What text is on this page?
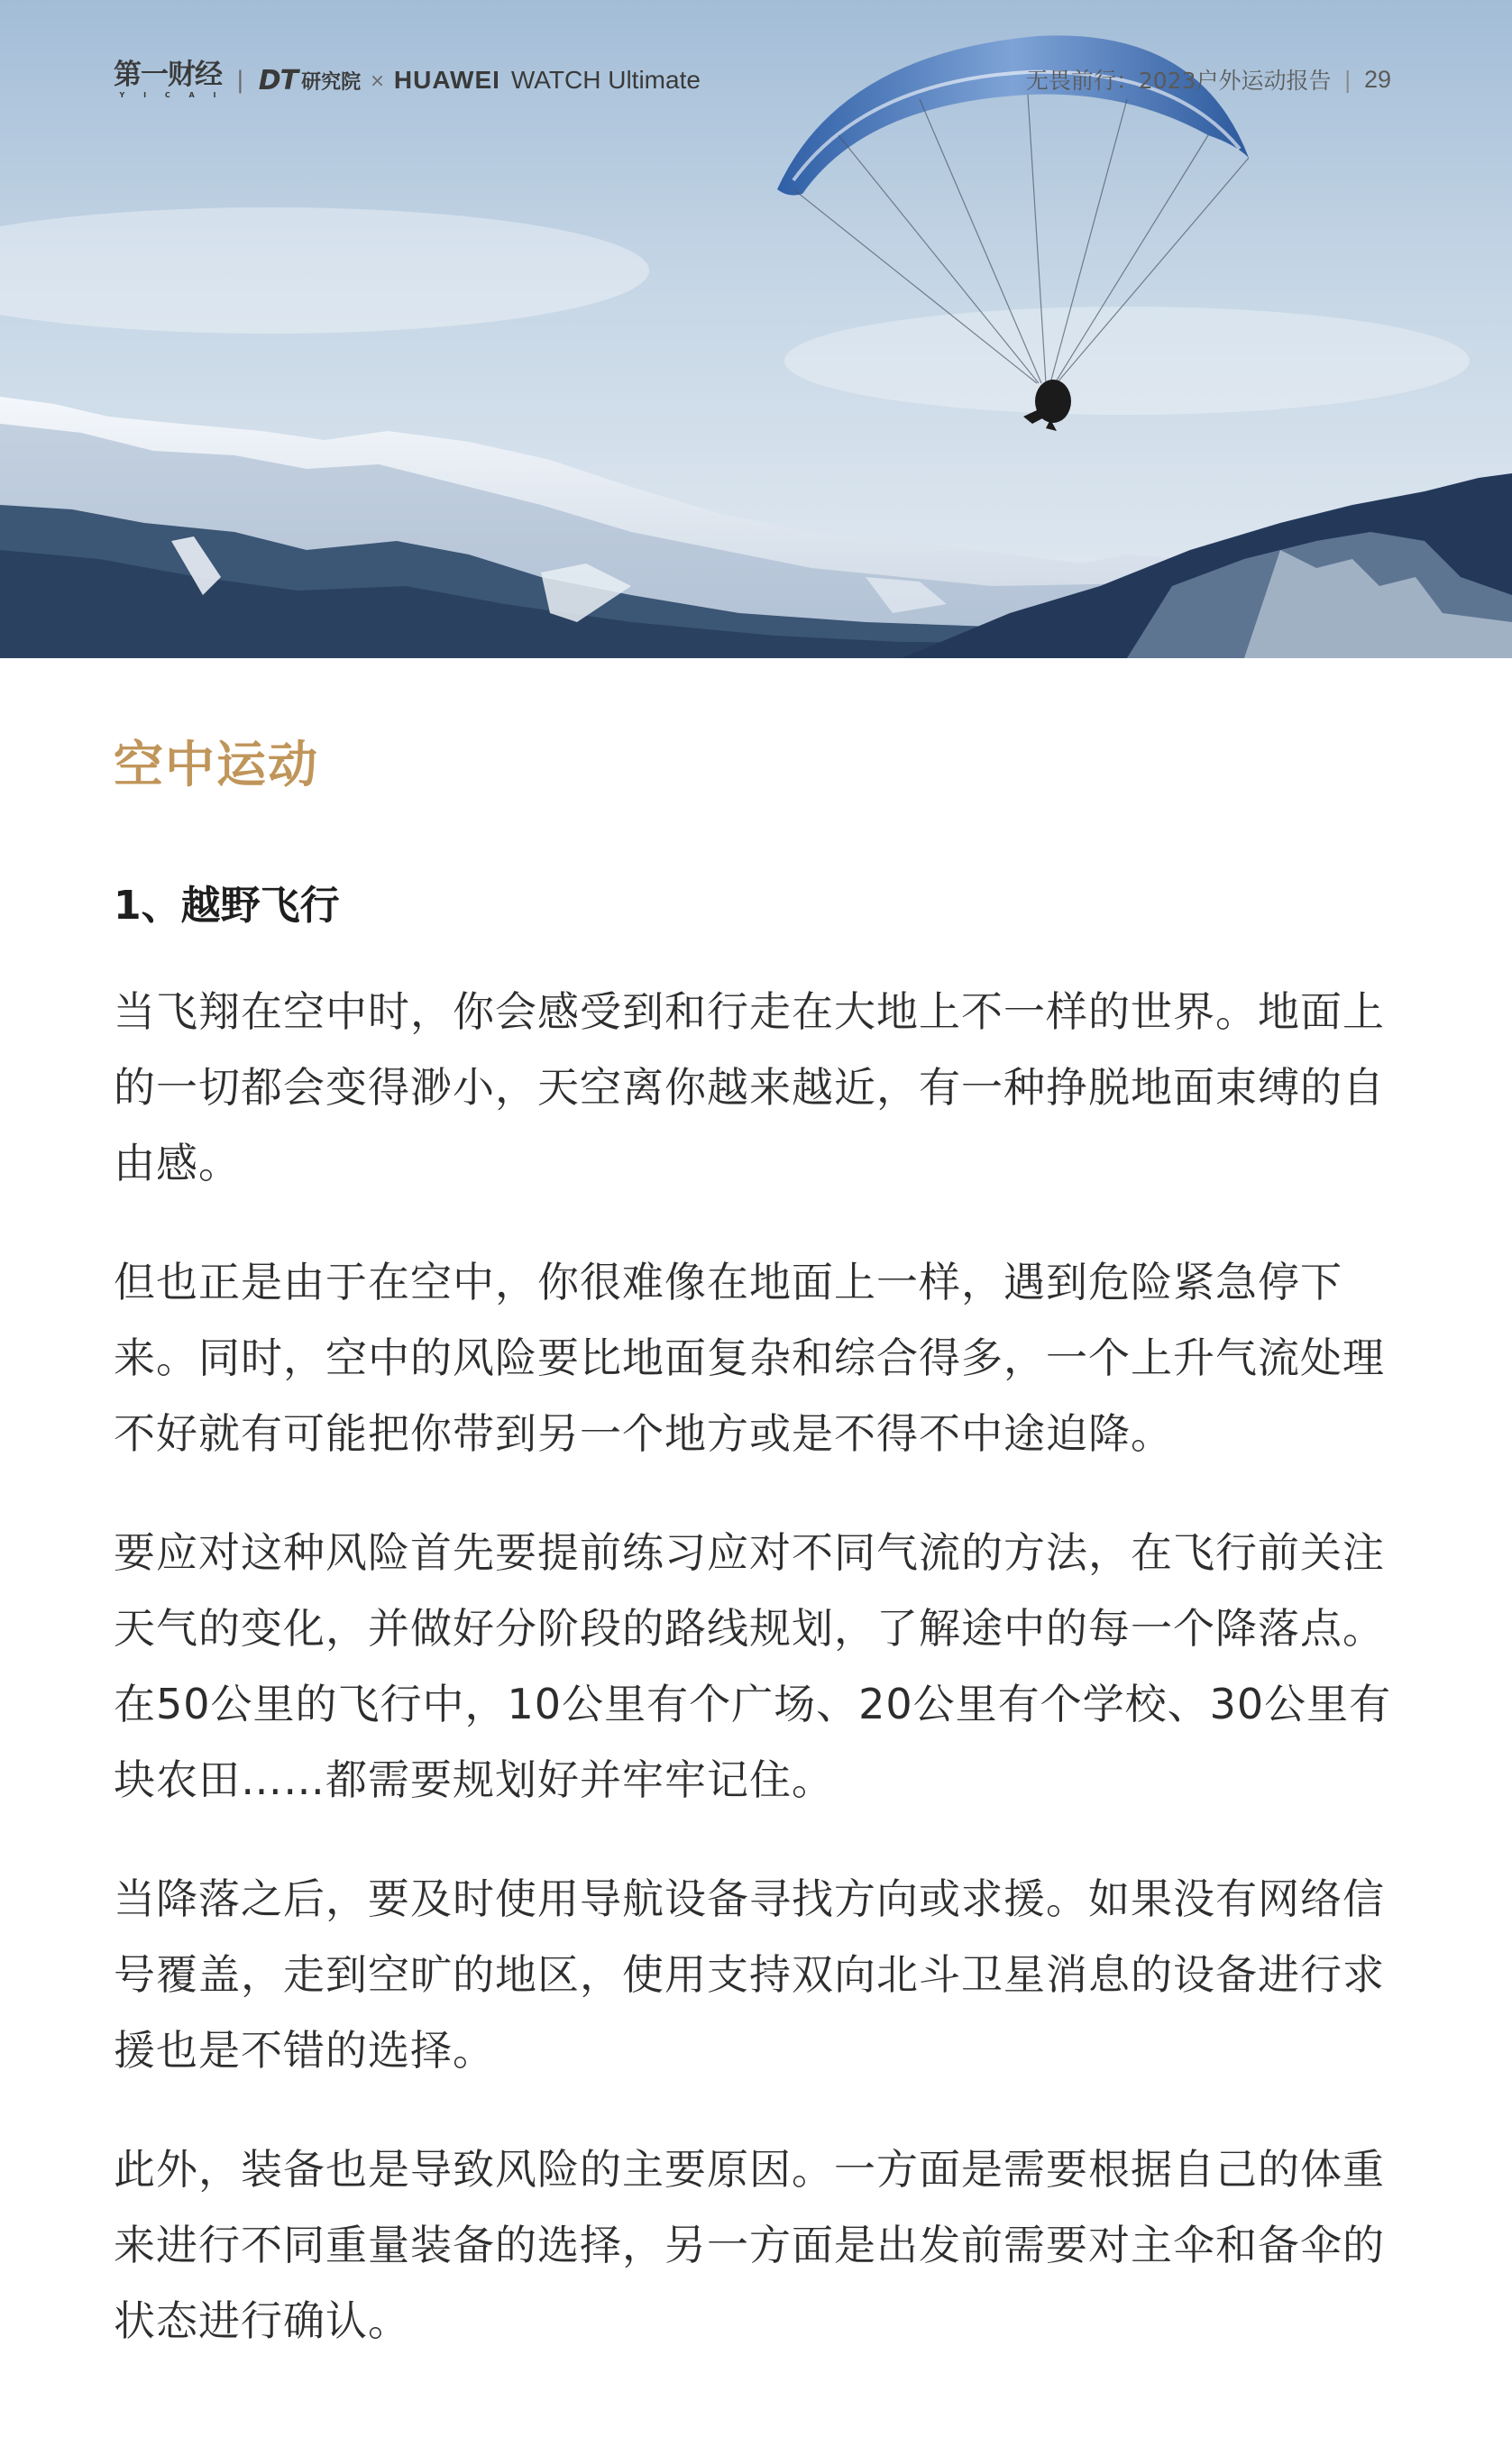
第一财经
Y I C A I
| DT 研究院 × HUAWEI WATCH Ultimate	无畏前行：2023户外运动报告 | 29
空中运动
1、越野飞行

当飞翔在空中时，你会感受到和行走在大地上不一样的世界。地面上的一切都会变得渺小，天空离你越来越近，有一种挣脱地面束缚的自由感。

但也正是由于在空中，你很难像在地面上一样，遇到危险紧急停下来。同时，空中的风险要比地面复杂和综合得多，一个上升气流处理不好就有可能把你带到另一个地方或是不得不中途迫降。

要应对这种风险首先要提前练习应对不同气流的方法，在飞行前关注天气的变化，并做好分阶段的路线规划，了解途中的每一个降落点。在50公里的飞行中，10公里有个广场、20公里有个学校、30公里有块农田……都需要规划好并牢牢记住。

当降落之后，要及时使用导航设备寻找方向或求援。如果没有网络信号覆盖，走到空旷的地区，使用支持双向北斗卫星消息的设备进行求援也是不错的选择。

此外，装备也是导致风险的主要原因。一方面是需要根据自己的体重来进行不同重量装备的选择，另一方面是出发前需要对主伞和备伞的状态进行确认。
